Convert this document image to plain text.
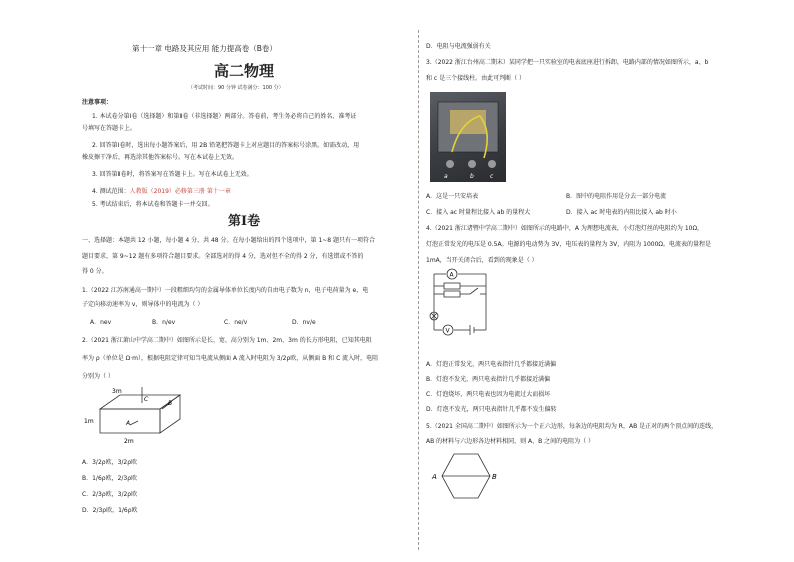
第十一章 电路及其应用 能力提高卷（B卷）
高二物理
（考试时间：90 分钟 试卷满分：100 分）
注意事项：
1. 本试卷分第Ⅰ卷（选择题）和第Ⅱ卷（非选择题）两部分。答卷前，考生务必将自己的姓名、准考证
号填写在答题卡上。
2. 回答第Ⅰ卷时，选出每小题答案后，用 2B 铅笔把答题卡上对应题目的答案标号涂黑。如需改动，用
橡皮擦干净后，再选涂其他答案标号。写在本试卷上无效。
3. 回答第Ⅱ卷时，将答案写在答题卡上。写在本试卷上无效。
4. 测试范围：人教版（2019）必修第三册 第十一章
5. 考试结束后，将本试卷和答题卡一并交回。
第Ⅰ卷
一、选择题：本题共 12 小题，每小题 4 分，共 48 分。在每小题给出的四个选项中，第 1~8 题只有一项符合
题目要求，第 9~12 题有多项符合题目要求。全部选对的得 4 分，选对但不全的得 2 分，有选错或不答的
得 0 分。
1.（2022 江苏南通高一期中）一段粗细均匀的金属导体单位长度内的自由电子数为 n，电子电荷量为 e，电
子定向移动速率为 v，则导体中的电流为（ ）
A．nev	B．n/ev	C．ne/v	D．nv/e
2.（2021 浙江萧山中学高二期中）如图所示是长、宽、高分别为 1m、2m、3m 的长方形电阻，已知其电阻
率为 ρ（单位是 Ω·m），根据电阻定律可知当电流从侧面 A 流入时电阻为 3/2ρ欧，从侧面 B 和 C 流入时，电阻
分别为（ ）
3m
1m
2m
A
B
C
A．3/2ρ欧，3/2ρ欧
B．1/6ρ欧，2/3ρ欧
C．2/3ρ欧，3/2ρ欧
D．2/3ρ欧，1/6ρ欧
D．电阻与电流强弱有关
3.（2022 浙江台州高二期末）某同学把一只实验室的电表底座进行拆卸，电路内部的情况如图所示，a、b
和 c 是三个接线柱。由此可判断（ ）
a	b	c
A．这是一只安培表	B．图中的电阻作用是分去一部分电流
C．接入 ac 时量程比接入 ab 的量程大	D．接入 ac 时电表的内阻比接入 ab 时小
4.（2021 浙江诸暨中学高二期中）如图所示的电路中，A 为理想电流表，小灯泡灯丝的电阻约为 10Ω，
灯泡正常发光的电压是 0.5A。电源的电动势为 3V，电压表的量程为 3V，内阻为 1000Ω。电流表的量程是
1mA，当开关闭合后，看到的现象是（ ）
A
V
A．灯泡正常发光，两只电表指针几乎都接近满偏
B．灯泡不发光，两只电表指针几乎都接近满偏
C．灯泡烧坏，两只电表也因为电流过大而损坏
D．灯泡不发光，两只电表指针几乎都不发生偏转
5.（2021 全国高二期中）如图所示为一个正六边形，每条边的电阻均为 R，AB 是正对的两个顶点间的连线，
AB 的材料与六边形各边材料相同，则 A、B 之间的电阻为（ ）
A	B
